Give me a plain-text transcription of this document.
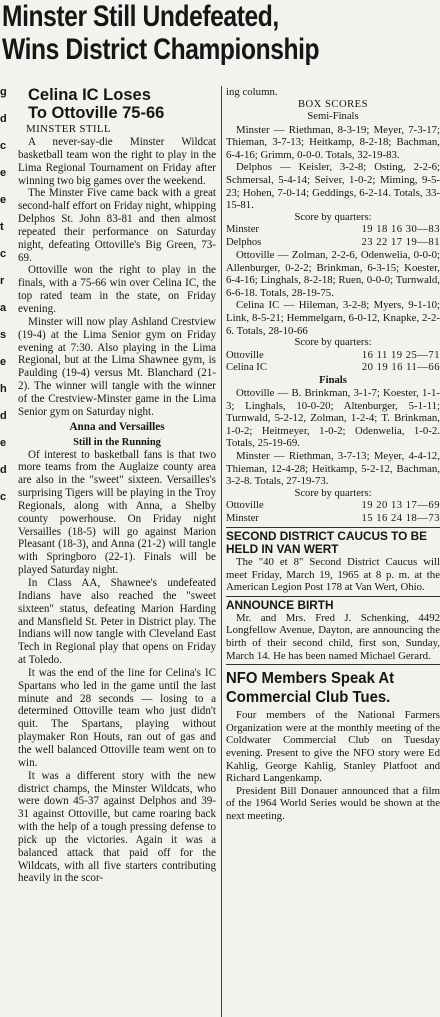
Minster Still Undefeated,
Wins District Championship
g
d
c
e
e
t
c
r
a
s
e
h
d
e
d
c
Celina IC Loses
To Ottoville 75-66
MINSTER STILL

A never-say-die Minster Wildcat basketball team won the right to play in the Lima Regional Tournament on Friday after winning two big games over the weekend.

The Minster Five came back with a great second-half effort on Friday night, whipping Delphos St. John 83-81 and then almost repeated their performance on Saturday night, defeating Ottoville's Big Green, 73-69.

Ottoville won the right to play in the finals, with a 75-66 win over Celina IC, the top rated team in the state, on Friday evening.

Minster will now play Ashland Crestview (19-4) at the Lima Senior gym on Friday evening at 7:30. Also playing in the Lima Regional, but at the Lima Shawnee gym, is Paulding (19-4) versus Mt. Blanchard (21-2). The winner will tangle with the winner of the Crestview-Minster game in the Lima Senior gym on Saturday night.

Anna and Versailles
Still in the Running

Of interest to basketball fans is that two more teams from the Auglaize county area are also in the "sweet" sixteen. Versailles's surprising Tigers will be playing in the Troy Regionals, along with Anna, a Shelby county powerhouse. On Friday night Versailles (18-5) will go against Marion Pleasant (18-3), and Anna (21-2) will tangle with Springboro (22-1). Finals will be played Saturday night.

In Class AA, Shawnee's undefeated Indians have also reached the "sweet sixteen" status, defeating Marion Harding and Mansfield St. Peter in District play. The Indians will now tangle with Cleveland East Tech in Regional play that opens on Friday at Toledo.

It was the end of the line for Celina's IC Spartans who led in the game until the last minute and 28 seconds — losing to a determined Ottoville team who just didn't quit. The Spartans, playing without playmaker Ron Houts, ran out of gas and the well balanced Ottoville team went on to win.

It was a different story with the new district champs, the Minster Wildcats, who were down 45-37 against Delphos and 39-31 against Ottoville, but came roaring back with the help of a tough pressing defense to pick up the victories. Again it was a balanced attack that paid off for the Wildcats, with all five starters contributing heavily in the scor-

ing column.
BOX SCORES
Semi-Finals
Minster — Riethman, 8-3-19; Meyer, 7-3-17; Thieman, 3-7-13; Heitkamp, 8-2-18; Bachman, 6-4-16; Grimm, 0-0-0. Totals, 32-19-83.
Delphos — Keisler, 3-2-8; Osting, 2-2-6; Schmersal, 5-4-14; Seiver, 1-0-2; Miming, 9-5-23; Hohen, 7-0-14; Geddings, 6-2-14. Totals, 33-15-81.
Score by quarters:
Minster	19 18 16 30—83
Delphos	23 22 17 19—81
Ottoville — Zolman, 2-2-6, Odenwelia, 0-0-0; Allenburger, 0-2-2; Brinkman, 6-3-15; Koester, 6-4-16; Linghals, 8-2-18; Ruen, 0-0-0; Turnwald, 6-6-18. Totals, 28-19-75.
Celina IC — Hileman, 3-2-8; Myers, 9-1-10; Link, 8-5-21; Hemmelgarn, 6-0-12, Knapke, 2-2-6. Totals, 28-10-66
Score by quarters:
Ottoville	16 11 19 25—71
Celina IC	20 19 16 11—66
Finals
Ottoville — B. Brinkman, 3-1-7; Koester, 1-1-3; Linghals, 10-0-20; Altenburger, 5-1-11; Turnwald, 5-2-12, Zolman, 1-2-4; T. Brinkman, 1-0-2; Heitmeyer, 1-0-2; Odenwelia, 1-0-2. Totals, 25-19-69.
Minster — Riethman, 3-7-13; Meyer, 4-4-12, Thieman, 12-4-28; Heitkamp, 5-2-12, Bachman, 3-2-8. Totals, 27-19-73.
Score by quarters:
Ottoville	19 20 13 17—69
Minster	15 16 24 18—73
SECOND DISTRICT CAUCUS TO BE HELD IN VAN WERT
The "40 et 8" Second District Caucus will meet Friday, March 19, 1965 at 8 p. m. at the American Legion Post 178 at Van Wert, Ohio.
ANNOUNCE BIRTH
Mr. and Mrs. Fred J. Schenking, 4492 Longfellow Avenue, Dayton, are announcing the birth of their second child, first son, Sunday, March 14. He has been named Michael Gerard.
NFO Members Speak At
Commercial Club Tues.
Four members of the National Farmers Organization were at the monthly meeting of the Coldwater Commercial Club on Tuesday evening. Present to give the NFO story were Ed Kahlig, George Kahlig, Stanley Platfoot and Richard Langenkamp.
President Bill Donauer announced that a film of the 1964 World Series would be shown at the next meeting.
